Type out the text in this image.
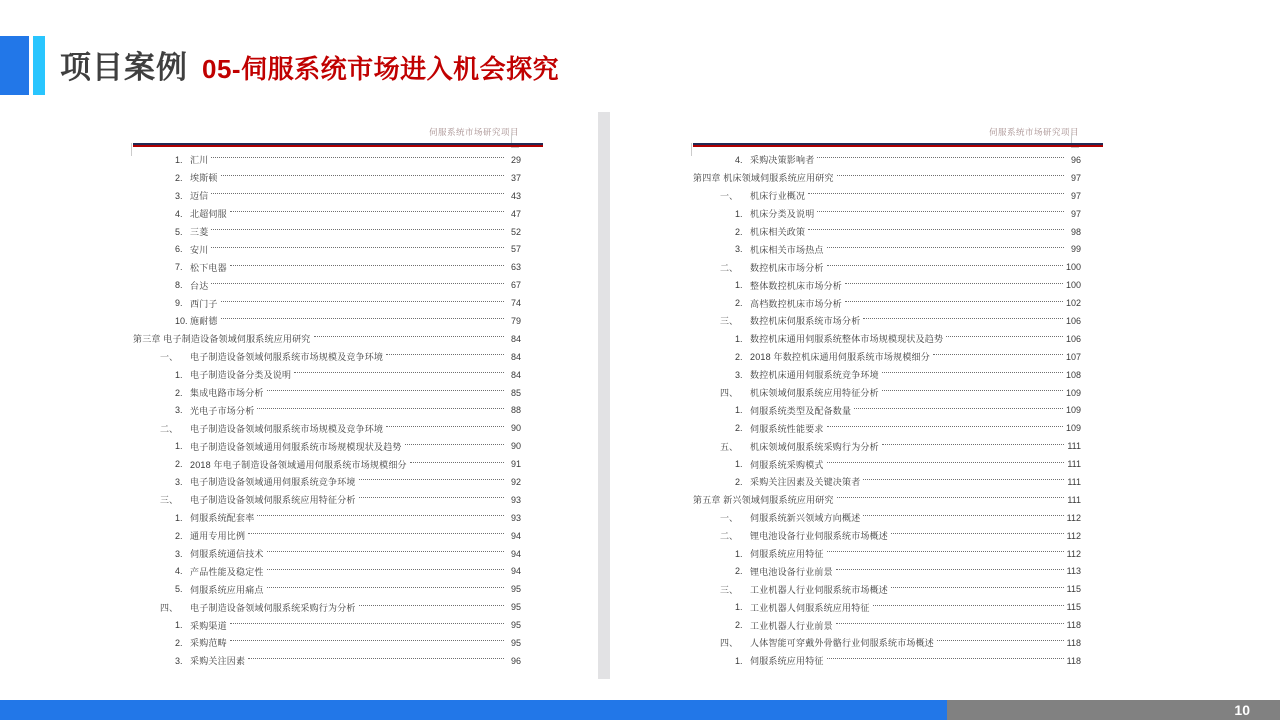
项目案例 05-伺服系统市场进入机会探究
伺服系统市场研究项目
1. 汇川	29
2. 埃斯顿	37
3. 迈信	43
4. 北超伺服	47
5. 三菱	52
6. 安川	57
7. 松下电器	63
8. 台达	67
9. 西门子	74
10. 施耐德	79
第三章 电子制造设备领域伺服系统应用研究	84
一、	电子制造设备领域伺服系统市场规模及竞争环境	84
1. 电子制造设备分类及说明	84
2. 集成电路市场分析	85
3. 光电子市场分析	88
二、	电子制造设备领域伺服系统市场规模及竞争环境	90
1. 电子制造设备领域通用伺服系统市场规模现状及趋势	90
2. 2018 年电子制造设备领域通用伺服系统市场规模细分	91
3. 电子制造设备领域通用伺服系统竞争环境	92
三、	电子制造设备领域伺服系统应用特征分析	93
1. 伺服系统配套率	93
2. 通用专用比例	94
3. 伺服系统通信技术	94
4. 产品性能及稳定性	94
5. 伺服系统应用痛点	95
四、	电子制造设备领域伺服系统采购行为分析	95
1. 采购渠道	95
2. 采购范畴	95
3. 采购关注因素	96
伺服系统市场研究项目
4. 采购决策影响者	96
第四章 机床领域伺服系统应用研究	97
一、	机床行业概况	97
1. 机床分类及说明	97
2. 机床相关政策	98
3. 机床相关市场热点	99
二、	数控机床市场分析	100
1. 整体数控机床市场分析	100
2. 高档数控机床市场分析	102
三、	数控机床伺服系统市场分析	106
1. 数控机床通用伺服系统整体市场规模现状及趋势	106
2. 2018 年数控机床通用伺服系统市场规模细分	107
3. 数控机床通用伺服系统竞争环境	108
四、	机床领域伺服系统应用特征分析	109
1. 伺服系统类型及配备数量	109
2. 伺服系统性能要求	109
五、	机床领域伺服系统采购行为分析	111
1. 伺服系统采购模式	111
2. 采购关注因素及关键决策者	111
第五章 新兴领域伺服系统应用研究	111
一、	伺服系统新兴领域方向概述	112
二、	锂电池设备行业伺服系统市场概述	112
1. 伺服系统应用特征	112
2. 锂电池设备行业前景	113
三、	工业机器人行业伺服系统市场概述	115
1. 工业机器人伺服系统应用特征	115
2. 工业机器人行业前景	118
四、	人体智能可穿戴外骨骼行业伺服系统市场概述	118
1. 伺服系统应用特征	118
10
